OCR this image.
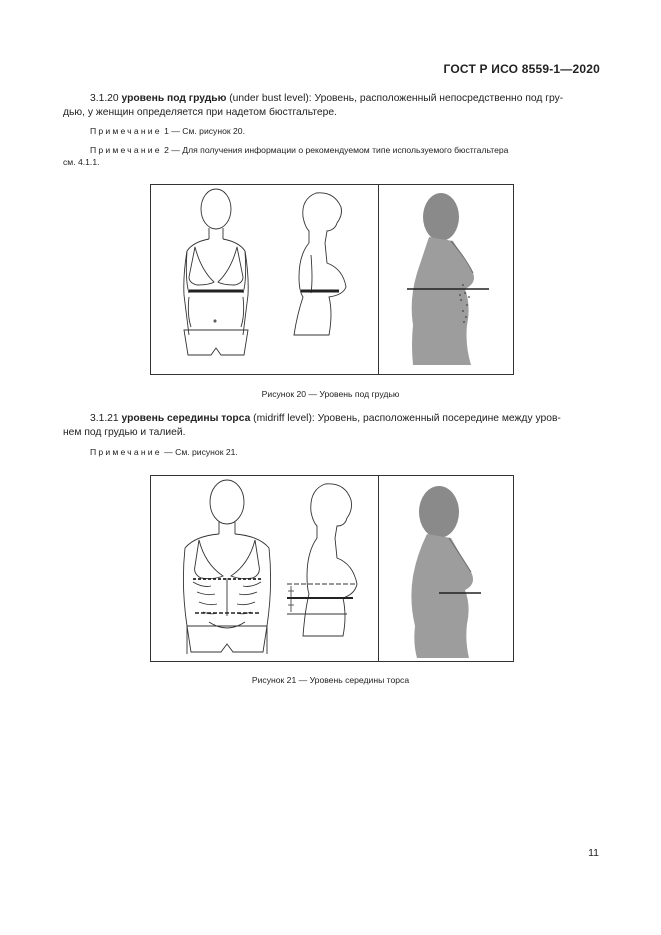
ГОСТ Р ИСО 8559-1—2020
3.1.20 уровень под грудью (under bust level): Уровень, расположенный непосредственно под гру-
дью, у женщин определяется при надетом бюстгальтере.
Примечание 1 — См. рисунок 20.
Примечание 2 — Для получения информации о рекомендуемом типе используемого бюстгальтера
см. 4.1.1.
Рисунок 20 — Уровень под грудью
3.1.21 уровень середины торса (midriff level): Уровень, расположенный посередине между уров-
нем под грудью и талией.
Примечание — См. рисунок 21.
Рисунок 21 — Уровень середины торса
11
